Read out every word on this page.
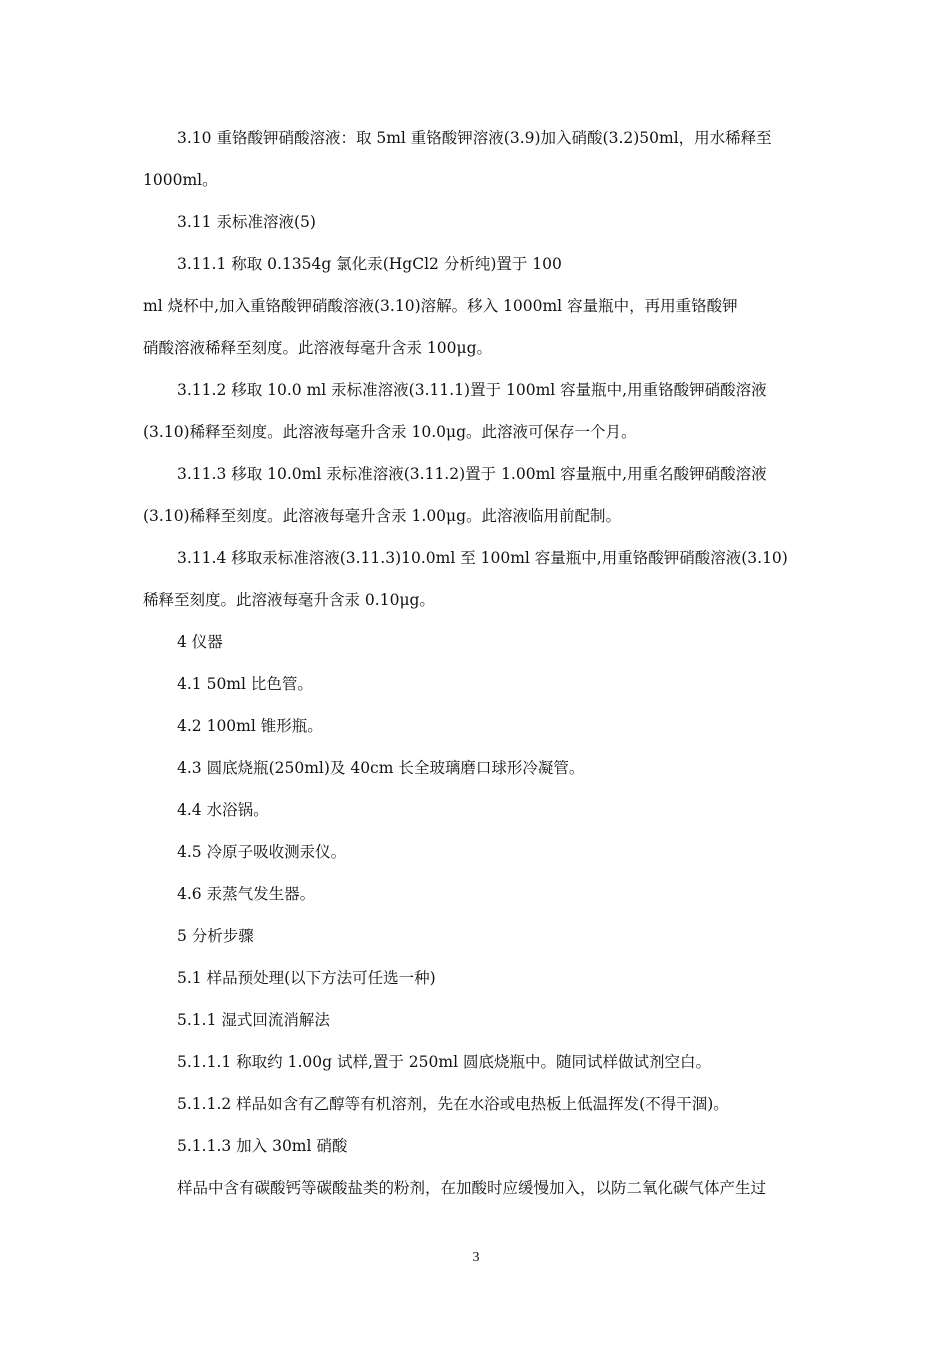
3.10 重铬酸钾硝酸溶液：取 5ml 重铬酸钾溶液(3.9)加入硝酸(3.2)50ml，用水稀释至
1000ml。
3.11 汞标准溶液(5)
3.11.1 称取 0.1354g 氯化汞(HgCl2 分析纯)置于 100
ml 烧杯中,加入重铬酸钾硝酸溶液(3.10)溶解。移入 1000ml 容量瓶中，再用重铬酸钾
硝酸溶液稀释至刻度。此溶液每毫升含汞 100μg。
3.11.2 移取 10.0 ml 汞标准溶液(3.11.1)置于 100ml 容量瓶中,用重铬酸钾硝酸溶液
(3.10)稀释至刻度。此溶液每毫升含汞 10.0μg。此溶液可保存一个月。
3.11.3 移取 10.0ml 汞标准溶液(3.11.2)置于 1.00ml 容量瓶中,用重名酸钾硝酸溶液
(3.10)稀释至刻度。此溶液每毫升含汞 1.00μg。此溶液临用前配制。
3.11.4 移取汞标准溶液(3.11.3)10.0ml 至 100ml 容量瓶中,用重铬酸钾硝酸溶液(3.10)
稀释至刻度。此溶液每毫升含汞 0.10μg。
4 仪器
4.1 50ml 比色管。
4.2 100ml 锥形瓶。
4.3 圆底烧瓶(250ml)及 40cm 长全玻璃磨口球形冷凝管。
4.4 水浴锅。
4.5 冷原子吸收测汞仪。
4.6 汞蒸气发生器。
5 分析步骤
5.1 样品预处理(以下方法可任选一种)
5.1.1 湿式回流消解法
5.1.1.1 称取约 1.00g 试样,置于 250ml 圆底烧瓶中。随同试样做试剂空白。
5.1.1.2 样品如含有乙醇等有机溶剂，先在水浴或电热板上低温挥发(不得干涸)。
5.1.1.3 加入 30ml 硝酸
样品中含有碳酸钙等碳酸盐类的粉剂，在加酸时应缓慢加入，以防二氧化碳气体产生过
3
